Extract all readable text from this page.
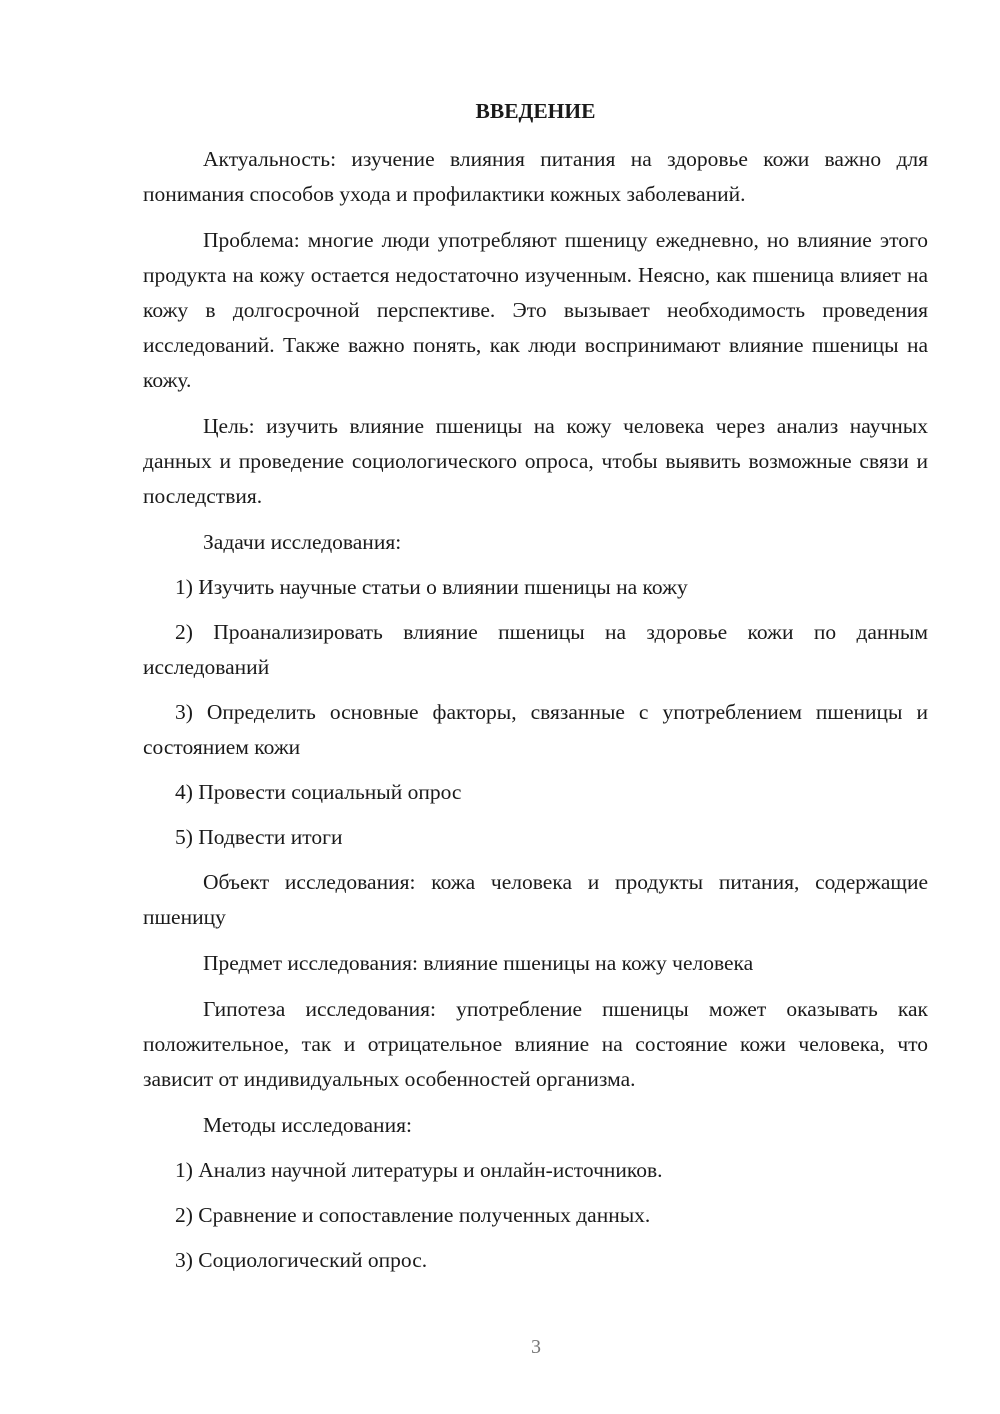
ВВЕДЕНИЕ

Актуальность: изучение влияния питания на здоровье кожи важно для понимания способов ухода и профилактики кожных заболеваний.

Проблема: многие люди употребляют пшеницу ежедневно, но влияние этого продукта на кожу остается недостаточно изученным. Неясно, как пшеница влияет на кожу в долгосрочной перспективе. Это вызывает необходимость проведения исследований. Также важно понять, как люди воспринимают влияние пшеницы на кожу.

Цель: изучить влияние пшеницы на кожу человека через анализ научных данных и проведение социологического опроса, чтобы выявить возможные связи и последствия.

Задачи исследования:

1) Изучить научные статьи о влиянии пшеницы на кожу

2) Проанализировать влияние пшеницы на здоровье кожи по данным исследований

3) Определить основные факторы, связанные с употреблением пшеницы и состоянием кожи

4) Провести социальный опрос

5) Подвести итоги

Объект исследования: кожа человека и продукты питания, содержащие пшеницу

Предмет исследования: влияние пшеницы на кожу человека

Гипотеза исследования: употребление пшеницы может оказывать как положительное, так и отрицательное влияние на состояние кожи человека, что зависит от индивидуальных особенностей организма.

Методы исследования:

1) Анализ научной литературы и онлайн-источников.

2) Сравнение и сопоставление полученных данных.

3) Социологический опрос.

3
